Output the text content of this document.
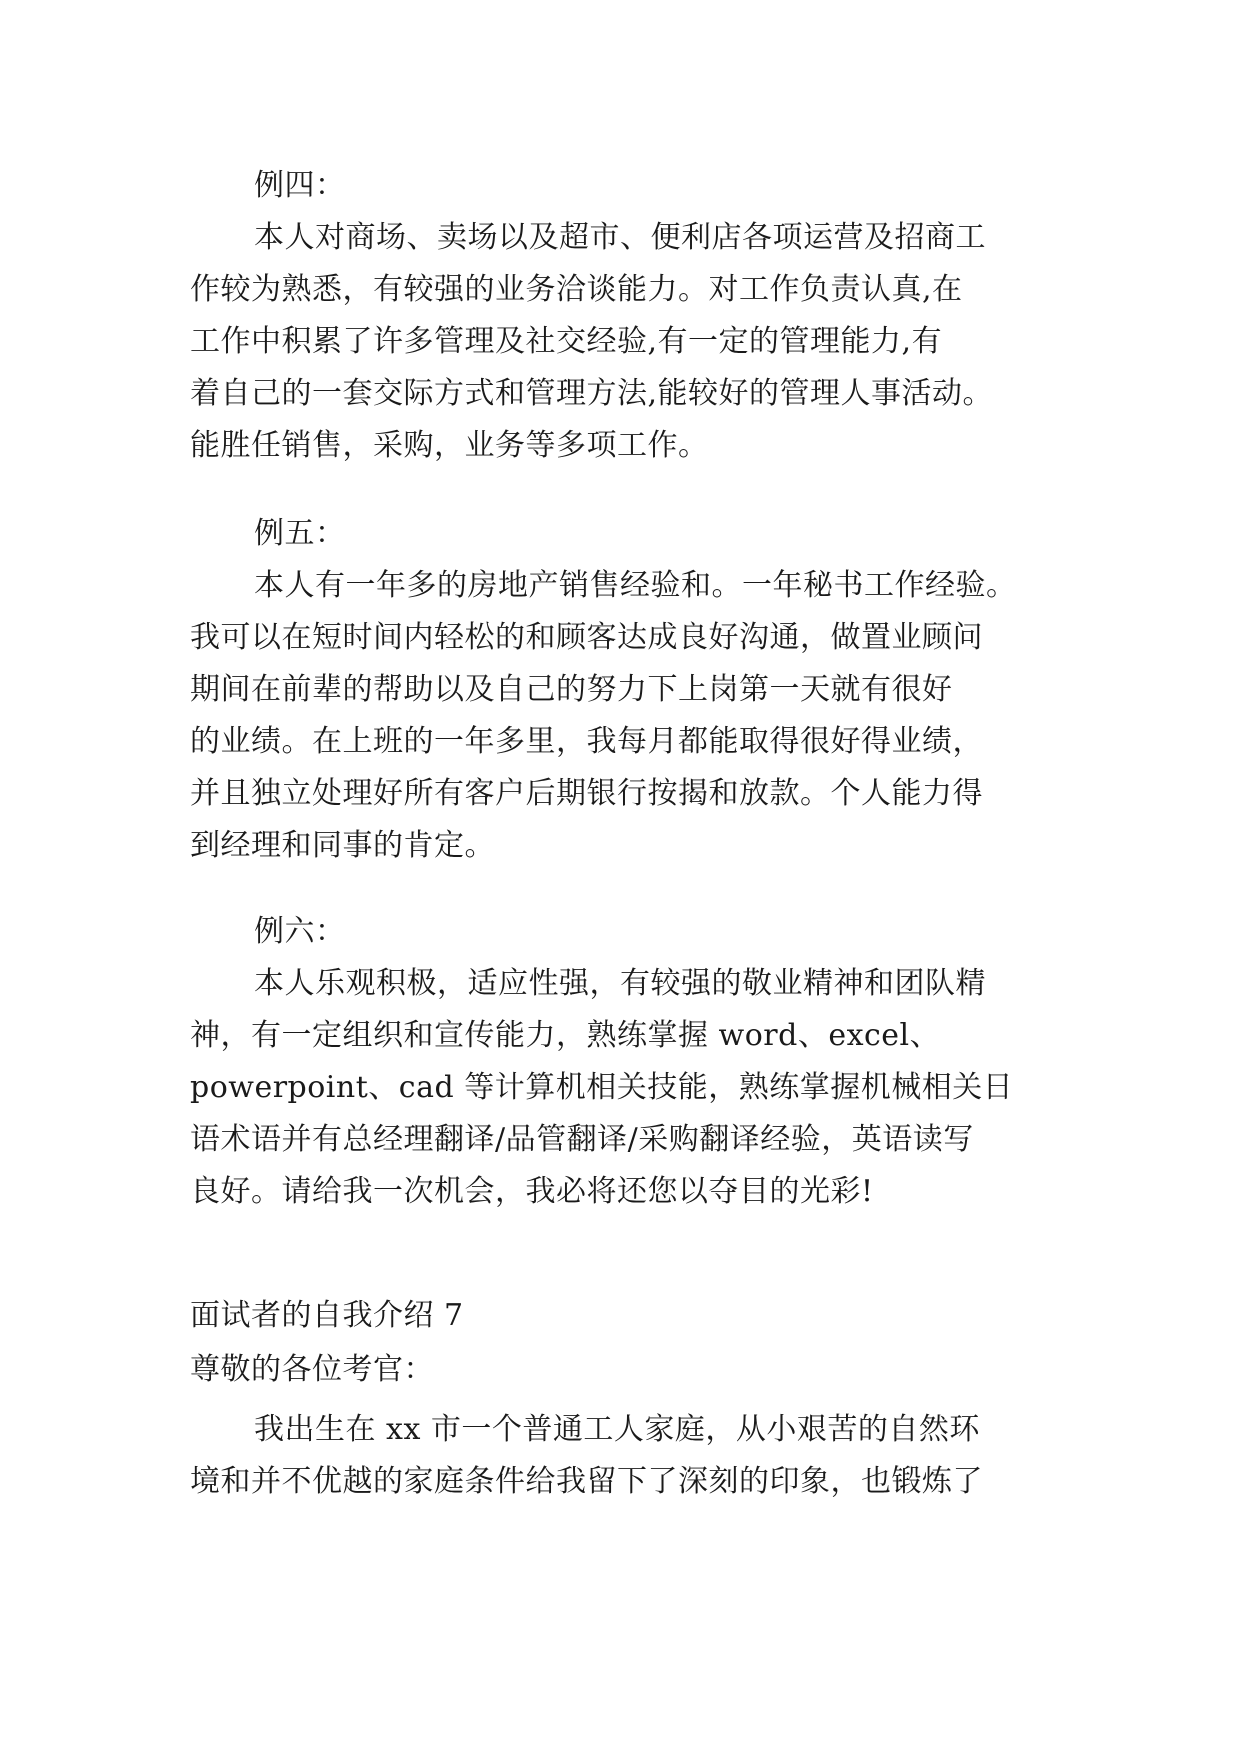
例四：
本人对商场、卖场以及超市、便利店各项运营及招商工
作较为熟悉，有较强的业务洽谈能力。对工作负责认真,在
工作中积累了许多管理及社交经验,有一定的管理能力,有
着自己的一套交际方式和管理方法,能较好的管理人事活动。
能胜任销售，采购，业务等多项工作。
例五：
本人有一年多的房地产销售经验和。一年秘书工作经验。
我可以在短时间内轻松的和顾客达成良好沟通，做置业顾问
期间在前辈的帮助以及自己的努力下上岗第一天就有很好
的业绩。在上班的一年多里，我每月都能取得很好得业绩，
并且独立处理好所有客户后期银行按揭和放款。个人能力得
到经理和同事的肯定。
例六：
本人乐观积极，适应性强，有较强的敬业精神和团队精
神，有一定组织和宣传能力，熟练掌握 word、excel、
powerpoint、cad 等计算机相关技能，熟练掌握机械相关日
语术语并有总经理翻译/品管翻译/采购翻译经验，英语读写
良好。请给我一次机会，我必将还您以夺目的光彩!
面试者的自我介绍 7
尊敬的各位考官：
我出生在 xx 市一个普通工人家庭，从小艰苦的自然环
境和并不优越的家庭条件给我留下了深刻的印象，也锻炼了
